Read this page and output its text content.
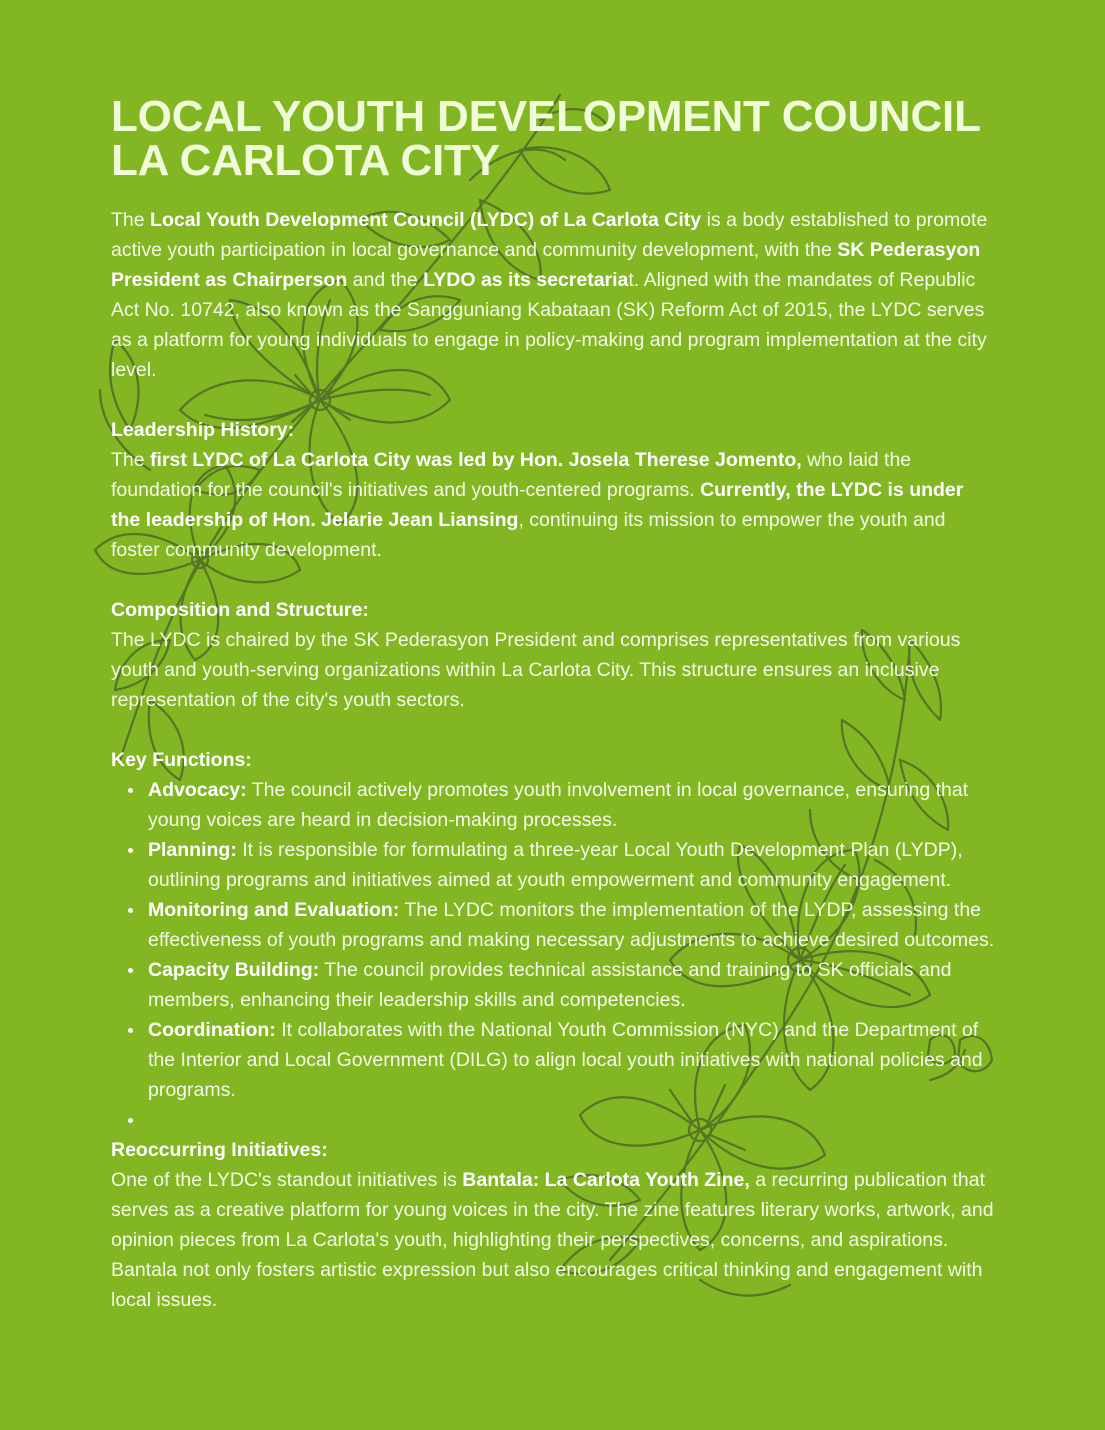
LOCAL YOUTH DEVELOPMENT COUNCIL
LA CARLOTA CITY

The Local Youth Development Council (LYDC) of La Carlota City is a body established to promote active youth participation in local governance and community development, with the SK Pederasyon President as Chairperson and the LYDO as its secretariat. Aligned with the mandates of Republic Act No. 10742, also known as the Sangguniang Kabataan (SK) Reform Act of 2015, the LYDC serves as a platform for young individuals to engage in policy-making and program implementation at the city level.

Leadership History:

The first LYDC of La Carlota City was led by Hon. Josela Therese Jomento, who laid the foundation for the council's initiatives and youth-centered programs. Currently, the LYDC is under the leadership of Hon. Jelarie Jean Liansing, continuing its mission to empower the youth and foster community development.

Composition and Structure:

The LYDC is chaired by the SK Pederasyon President and comprises representatives from various youth and youth-serving organizations within La Carlota City. This structure ensures an inclusive representation of the city's youth sectors.

Key Functions:
Advocacy: The council actively promotes youth involvement in local governance, ensuring that young voices are heard in decision-making processes.
Planning: It is responsible for formulating a three-year Local Youth Development Plan (LYDP), outlining programs and initiatives aimed at youth empowerment and community engagement.
Monitoring and Evaluation: The LYDC monitors the implementation of the LYDP, assessing the effectiveness of youth programs and making necessary adjustments to achieve desired outcomes.
Capacity Building: The council provides technical assistance and training to SK officials and members, enhancing their leadership skills and competencies.
Coordination: It collaborates with the National Youth Commission (NYC) and the Department of the Interior and Local Government (DILG) to align local youth initiatives with national policies and programs.
Reoccurring Initiatives:

One of the LYDC's standout initiatives is Bantala: La Carlota Youth Zine, a recurring publication that serves as a creative platform for young voices in the city. The zine features literary works, artwork, and opinion pieces from La Carlota's youth, highlighting their perspectives, concerns, and aspirations. Bantala not only fosters artistic expression but also encourages critical thinking and engagement with local issues.
